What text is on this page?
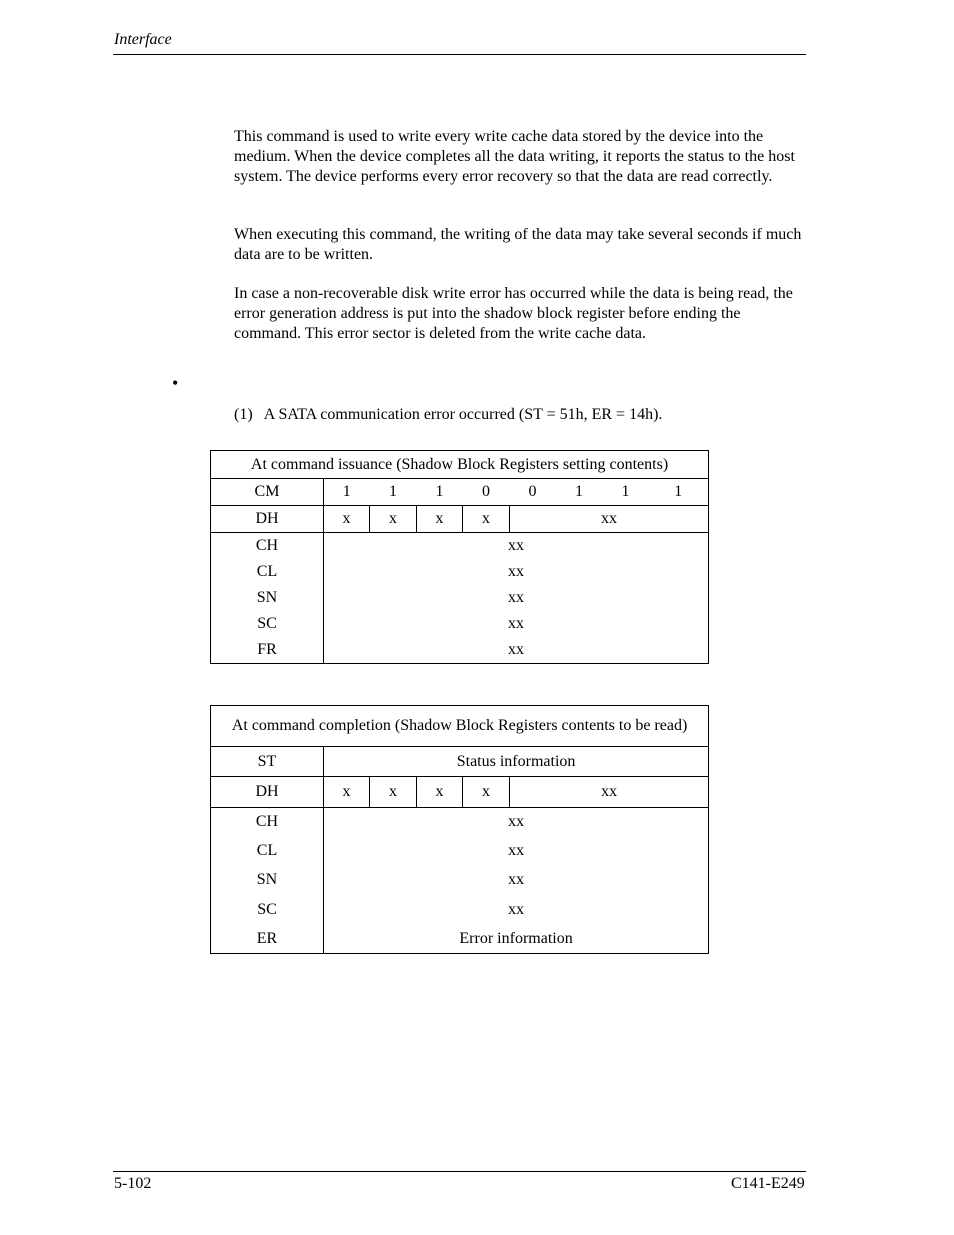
Interface

This command is used to write every write cache data stored by the device into the medium. When the device completes all the data writing, it reports the status to the host system. The device performs every error recovery so that the data are read correctly.

When executing this command, the writing of the data may take several seconds if much data are to be written.

In case a non-recoverable disk write error has occurred while the data is being read, the error generation address is put into the shadow block register before ending the command. This error sector is deleted from the write cache data.

•
(1)   A SATA communication error occurred (ST = 51h, ER = 14h).
At command issuance (Shadow Block Registers setting contents)								
CM	1	1	1	0	0	1	1	1
DH	x	x	x	x	xx			
CH	xx							
CL	xx							
SN	xx							
SC	xx							
FR	xx							
At command completion (Shadow Block Registers contents to be read)					
ST	Status information				
DH	x	x	x	x	xx
CH	xx				
CL	xx				
SN	xx				
SC	xx				
ER	Error information				
5-102	C141-E249
